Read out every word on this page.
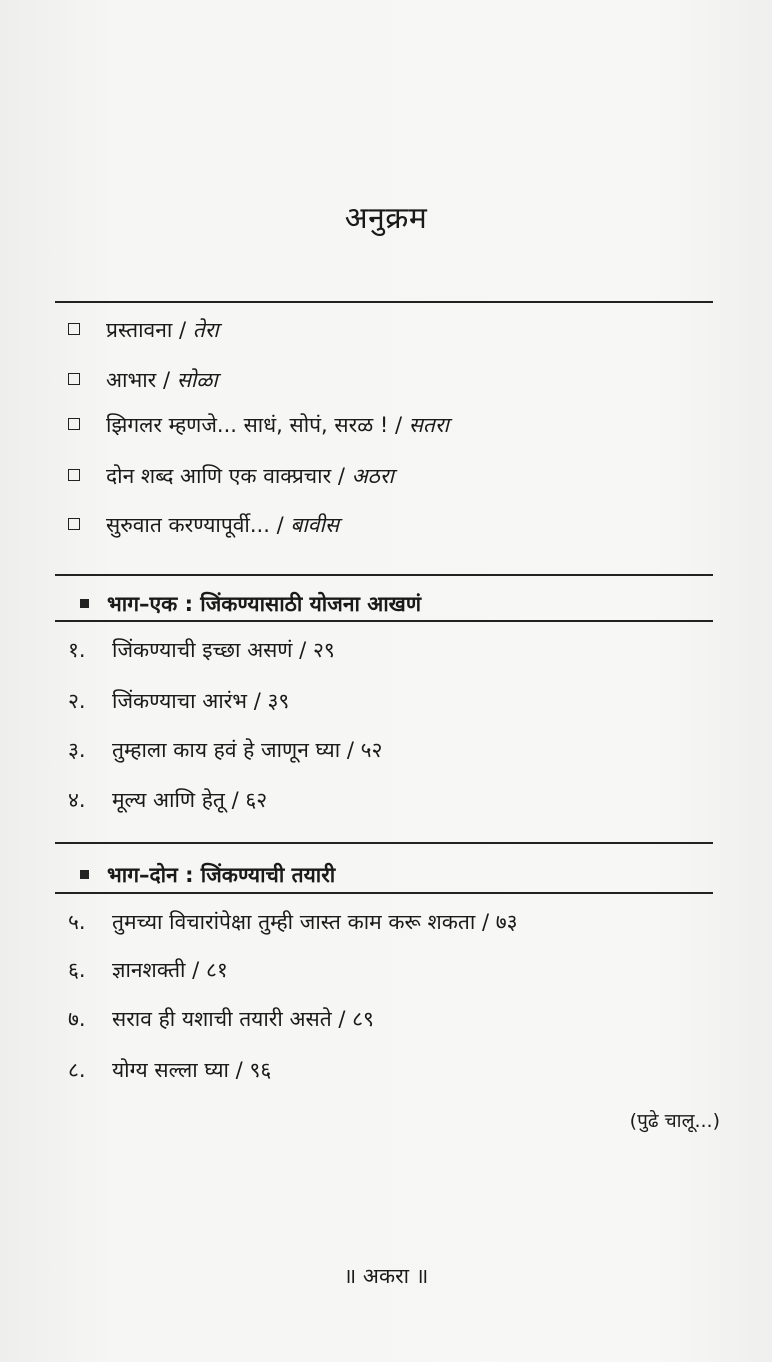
अनुक्रम
प्रस्तावना / तेरा
आभार / सोळा
झिगलर म्हणजे... साधं, सोपं, सरळ ! / सतरा
दोन शब्द आणि एक वाक्प्रचार / अठरा
सुरुवात करण्यापूर्वी... / बावीस
भाग–एक : जिंकण्यासाठी योजना आखणं
१. जिंकण्याची इच्छा असणं / २९
२. जिंकण्याचा आरंभ / ३९
३. तुम्हाला काय हवं हे जाणून घ्या / ५२
४. मूल्य आणि हेतू / ६२
भाग–दोन : जिंकण्याची तयारी
५. तुमच्या विचारांपेक्षा तुम्ही जास्त काम करू शकता / ७३
६. ज्ञानशक्ती / ८१
७. सराव ही यशाची तयारी असते / ८९
८. योग्य सल्ला घ्या / ९६
(पुढे चालू...)
॥ अकरा ॥
